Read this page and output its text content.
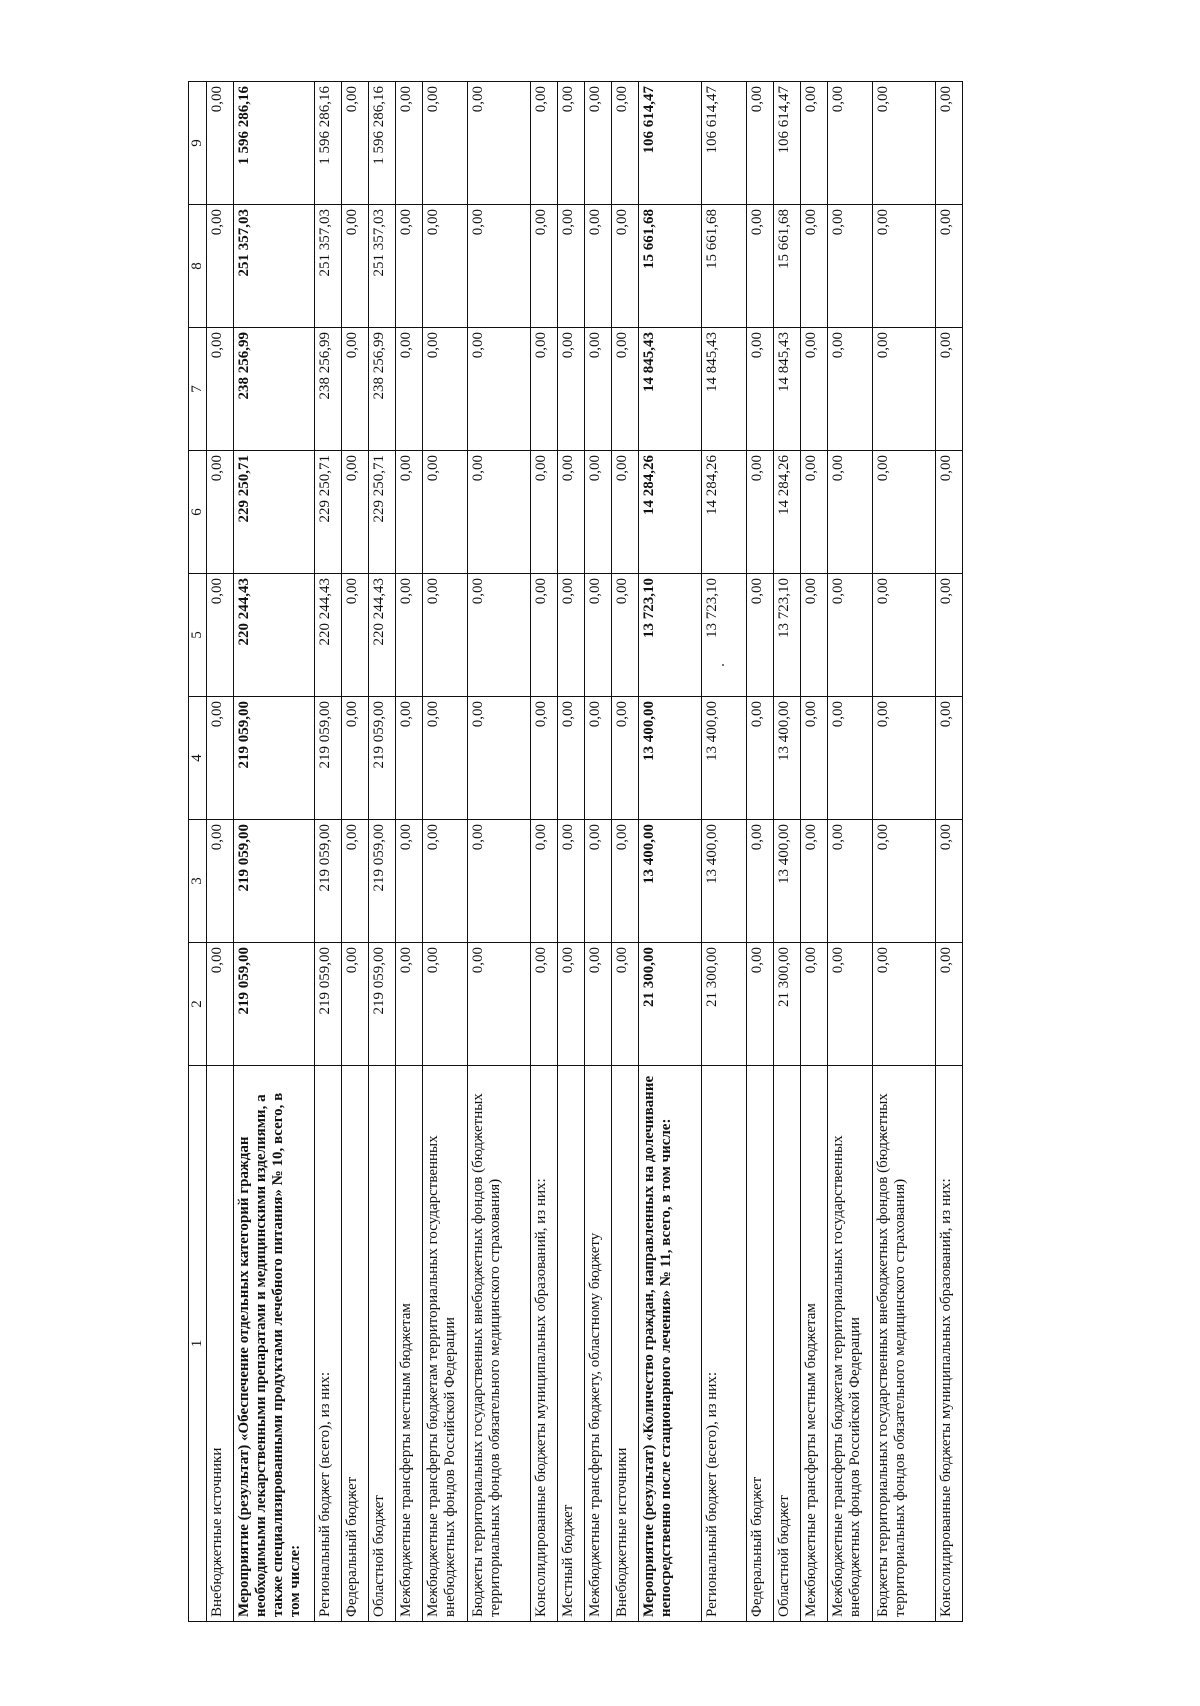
1	2	3	4	5	6	7	8	9
Внебюджетные источники	0,00	0,00	0,00	0,00	0,00	0,00	0,00	0,00
Мероприятие (результат) «Обеспечение отдельных категорий граждан необходимыми лекарственными препаратами и медицинскими изделиями, а также специализированными продуктами лечебного питания» № 10, всего, в том числе:	219 059,00	219 059,00	219 059,00	220 244,43	229 250,71	238 256,99	251 357,03	1 596 286,16
Региональный бюджет (всего), из них:	219 059,00	219 059,00	219 059,00	220 244,43	229 250,71	238 256,99	251 357,03	1 596 286,16
Федеральный бюджет	0,00	0,00	0,00	0,00	0,00	0,00	0,00	0,00
Областной бюджет	219 059,00	219 059,00	219 059,00	220 244,43	229 250,71	238 256,99	251 357,03	1 596 286,16
Межбюджетные трансферты местным бюджетам	0,00	0,00	0,00	0,00	0,00	0,00	0,00	0,00
Межбюджетные трансферты бюджетам территориальных государственных внебюджетных фондов Российской Федерации	0,00	0,00	0,00	0,00	0,00	0,00	0,00	0,00
Бюджеты территориальных государственных внебюджетных фондов (бюджетных территориальных фондов обязательного медицинского страхования)	0,00	0,00	0,00	0,00	0,00	0,00	0,00	0,00
Консолидированные бюджеты муниципальных образований, из них:	0,00	0,00	0,00	0,00	0,00	0,00	0,00	0,00
Местный бюджет	0,00	0,00	0,00	0,00	0,00	0,00	0,00	0,00
Межбюджетные трансферты бюджету, областному бюджету	0,00	0,00	0,00	0,00	0,00	0,00	0,00	0,00
Внебюджетные источники	0,00	0,00	0,00	0,00	0,00	0,00	0,00	0,00
Мероприятие (результат) «Количество граждан, направленных на долечивание непосредственно после стационарного лечения» № 11, всего, в том числе:	21 300,00	13 400,00	13 400,00	13 723,10	14 284,26	14 845,43	15 661,68	106 614,47
Региональный бюджет (всего), из них:	21 300,00	13 400,00	13 400,00	13 723,10	14 284,26	14 845,43	15 661,68	106 614,47
Федеральный бюджет	0,00	0,00	0,00	0,00	0,00	0,00	0,00	0,00
Областной бюджет	21 300,00	13 400,00	13 400,00	13 723,10	14 284,26	14 845,43	15 661,68	106 614,47
Межбюджетные трансферты местным бюджетам	0,00	0,00	0,00	0,00	0,00	0,00	0,00	0,00
Межбюджетные трансферты бюджетам территориальных государственных внебюджетных фондов Российской Федерации	0,00	0,00	0,00	0,00	0,00	0,00	0,00	0,00
Бюджеты территориальных государственных внебюджетных фондов (бюджетных территориальных фондов обязательного медицинского страхования)	0,00	0,00	0,00	0,00	0,00	0,00	0,00	0,00
Консолидированные бюджеты муниципальных образований, из них:	0,00	0,00	0,00	0,00	0,00	0,00	0,00	0,00
